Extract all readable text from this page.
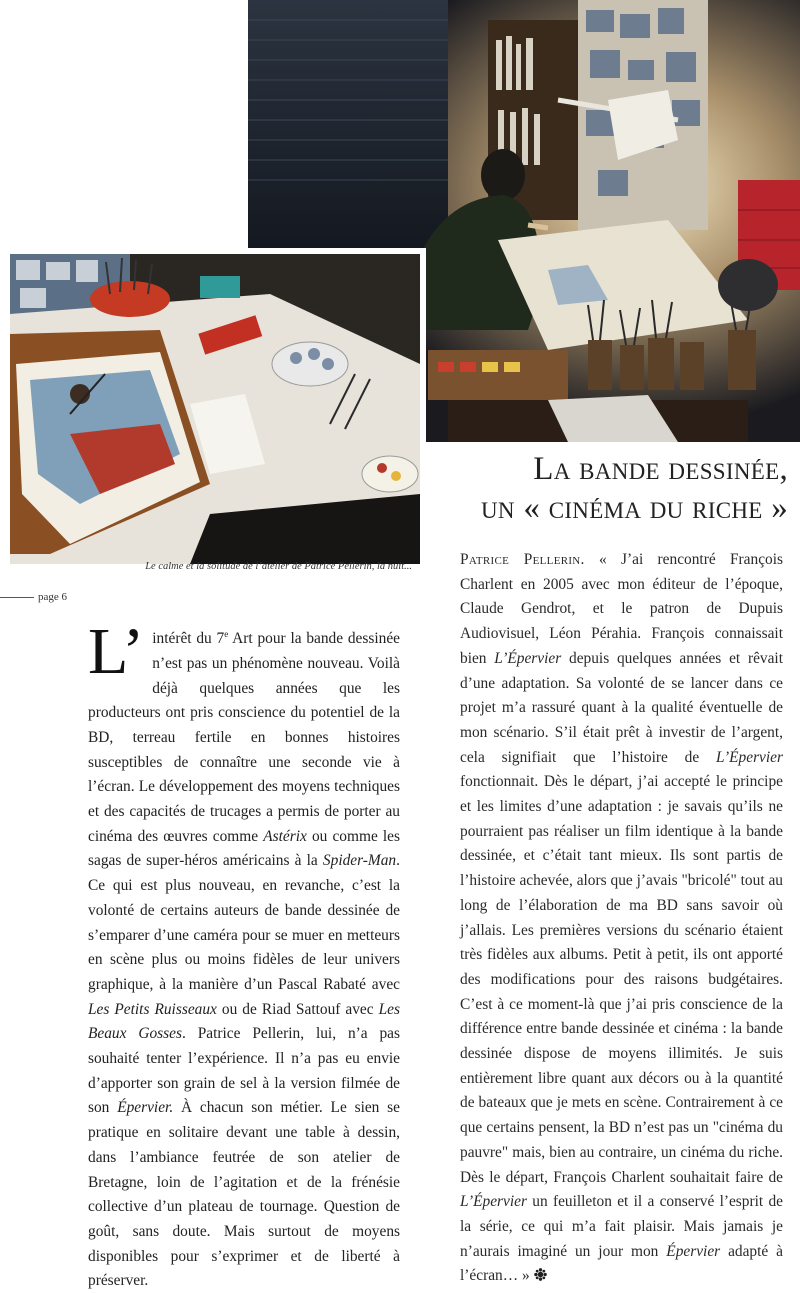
Le calme et la solitude de l’atelier de Patrice Pellerin, la nuit...
page 6
La bande dessinée,
un « cinéma du riche »
L’ intérêt du 7e Art pour la bande dessinée n’est pas un phénomène nouveau. Voilà déjà quelques années que les producteurs ont pris conscience du potentiel de la BD, terreau fertile en bonnes histoires susceptibles de connaître une seconde vie à l’écran. Le développement des moyens techniques et des capacités de trucages a permis de porter au cinéma des œuvres comme Astérix ou comme les sagas de super-héros américains à la Spider-Man. Ce qui est plus nouveau, en revanche, c’est la volonté de certains auteurs de bande dessinée de s’emparer d’une caméra pour se muer en metteurs en scène plus ou moins fidèles de leur univers graphique, à la manière d’un Pascal Rabaté avec Les Petits Ruisseaux ou de Riad Sattouf avec Les Beaux Gosses. Patrice Pellerin, lui, n’a pas souhaité tenter l’expérience. Il n’a pas eu envie d’apporter son grain de sel à la version filmée de son Épervier. À chacun son métier. Le sien se pratique en solitaire devant une table à dessin, dans l’ambiance feutrée de son atelier de Bretagne, loin de l’agitation et de la frénésie collective d’un plateau de tournage. Question de goût, sans doute. Mais surtout de moyens disponibles pour s’exprimer et de liberté à préserver.
Patrice Pellerin. « J’ai rencontré François Charlent en 2005 avec mon éditeur de l’époque, Claude Gendrot, et le patron de Dupuis Audiovisuel, Léon Pérahia. François connaissait bien L’Épervier depuis quelques années et rêvait d’une adaptation. Sa volonté de se lancer dans ce projet m’a rassuré quant à la qualité éventuelle de mon scénario. S’il était prêt à investir de l’argent, cela signifiait que l’histoire de L’Épervier fonctionnait. Dès le départ, j’ai accepté le principe et les limites d’une adaptation : je savais qu’ils ne pourraient pas réaliser un film identique à la bande dessinée, et c’était tant mieux. Ils sont partis de l’histoire achevée, alors que j’avais "bricolé" tout au long de l’élaboration de ma BD sans savoir où j’allais. Les premières versions du scénario étaient très fidèles aux albums. Petit à petit, ils ont apporté des modifications pour des raisons budgétaires. C’est à ce moment-là que j’ai pris conscience de la différence entre bande dessinée et cinéma : la bande dessinée dispose de moyens illimités. Je suis entièrement libre quant aux décors ou à la quantité de bateaux que je mets en scène. Contrairement à ce que certains pensent, la BD n’est pas un "cinéma du pauvre" mais, bien au contraire, un cinéma du riche. Dès le départ, François Charlent souhaitait faire de L’Épervier un feuilleton et il a conservé l’esprit de la série, ce qui m’a fait plaisir. Mais jamais je n’aurais imaginé un jour mon Épervier adapté à l’écran… »
